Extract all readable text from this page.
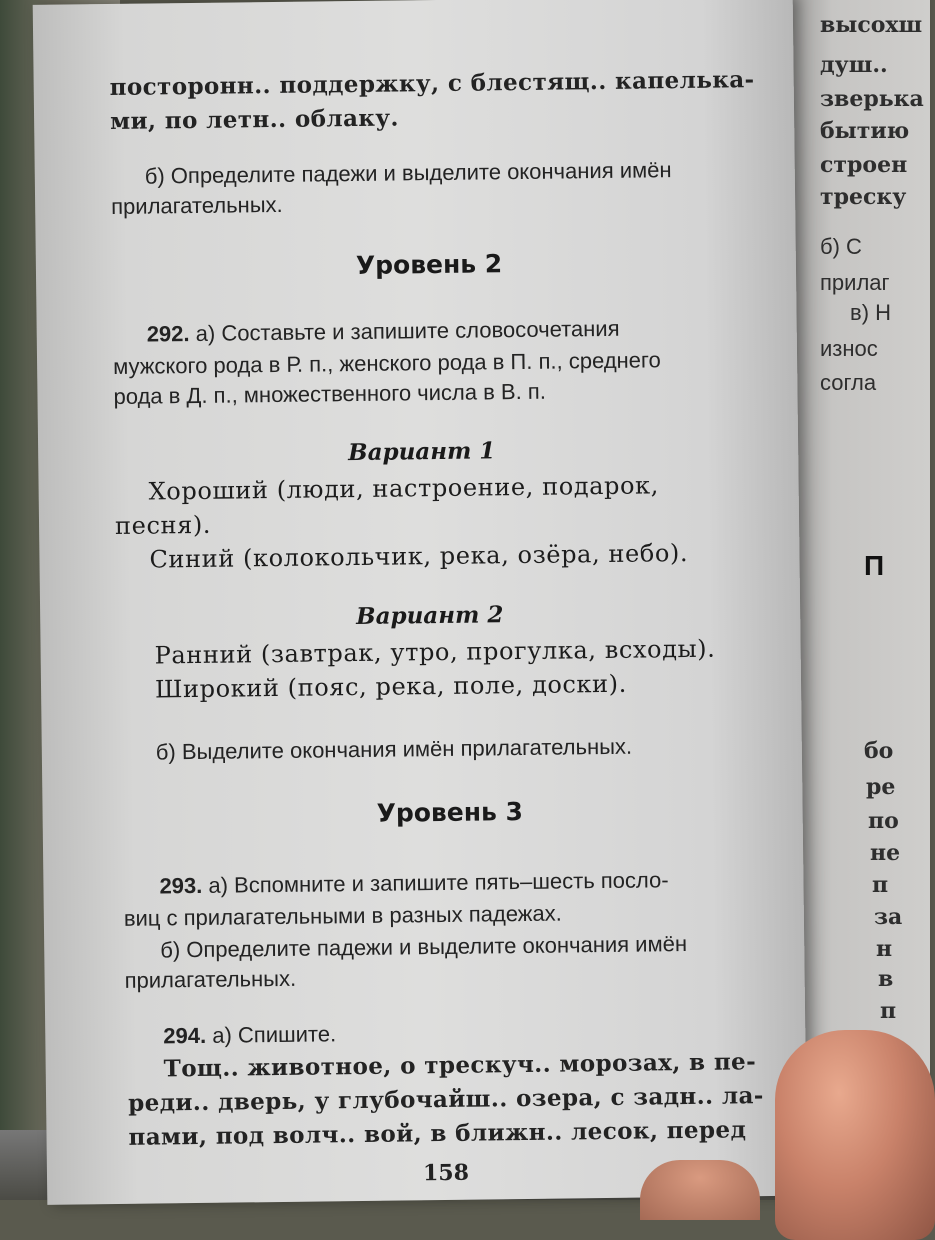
высохш
душ..
зверька
бытию
строен
треску
б) С
прилаг
в) Н
износ
согла
П
бо
ре
по
не
п
за
н
в
п
посторонн.. поддержку, с блестящ.. капелька-
ми, по летн.. облаку.
б) Определите падежи и выделите окончания имён
прилагательных.
Уровень 2
292. а) Составьте и запишите словосочетания
мужского рода в Р. п., женского рода в П. п., среднего
рода в Д. п., множественного числа в В. п.
Вариант 1
Хороший (люди, настроение, подарок,
песня).
Синий (колокольчик, река, озёра, небо).
Вариант 2
Ранний (завтрак, утро, прогулка, всходы).
Широкий (пояс, река, поле, доски).
б) Выделите окончания имён прилагательных.
Уровень 3
293. а) Вспомните и запишите пять–шесть посло-
виц с прилагательными в разных падежах.
б) Определите падежи и выделите окончания имён
прилагательных.
294. а) Спишите.
Тощ.. животное, о трескуч.. морозах, в пе-
реди.. дверь, у глубочайш.. озера, с задн.. ла-
пами, под волч.. вой, в ближн.. лесок, перед
158
